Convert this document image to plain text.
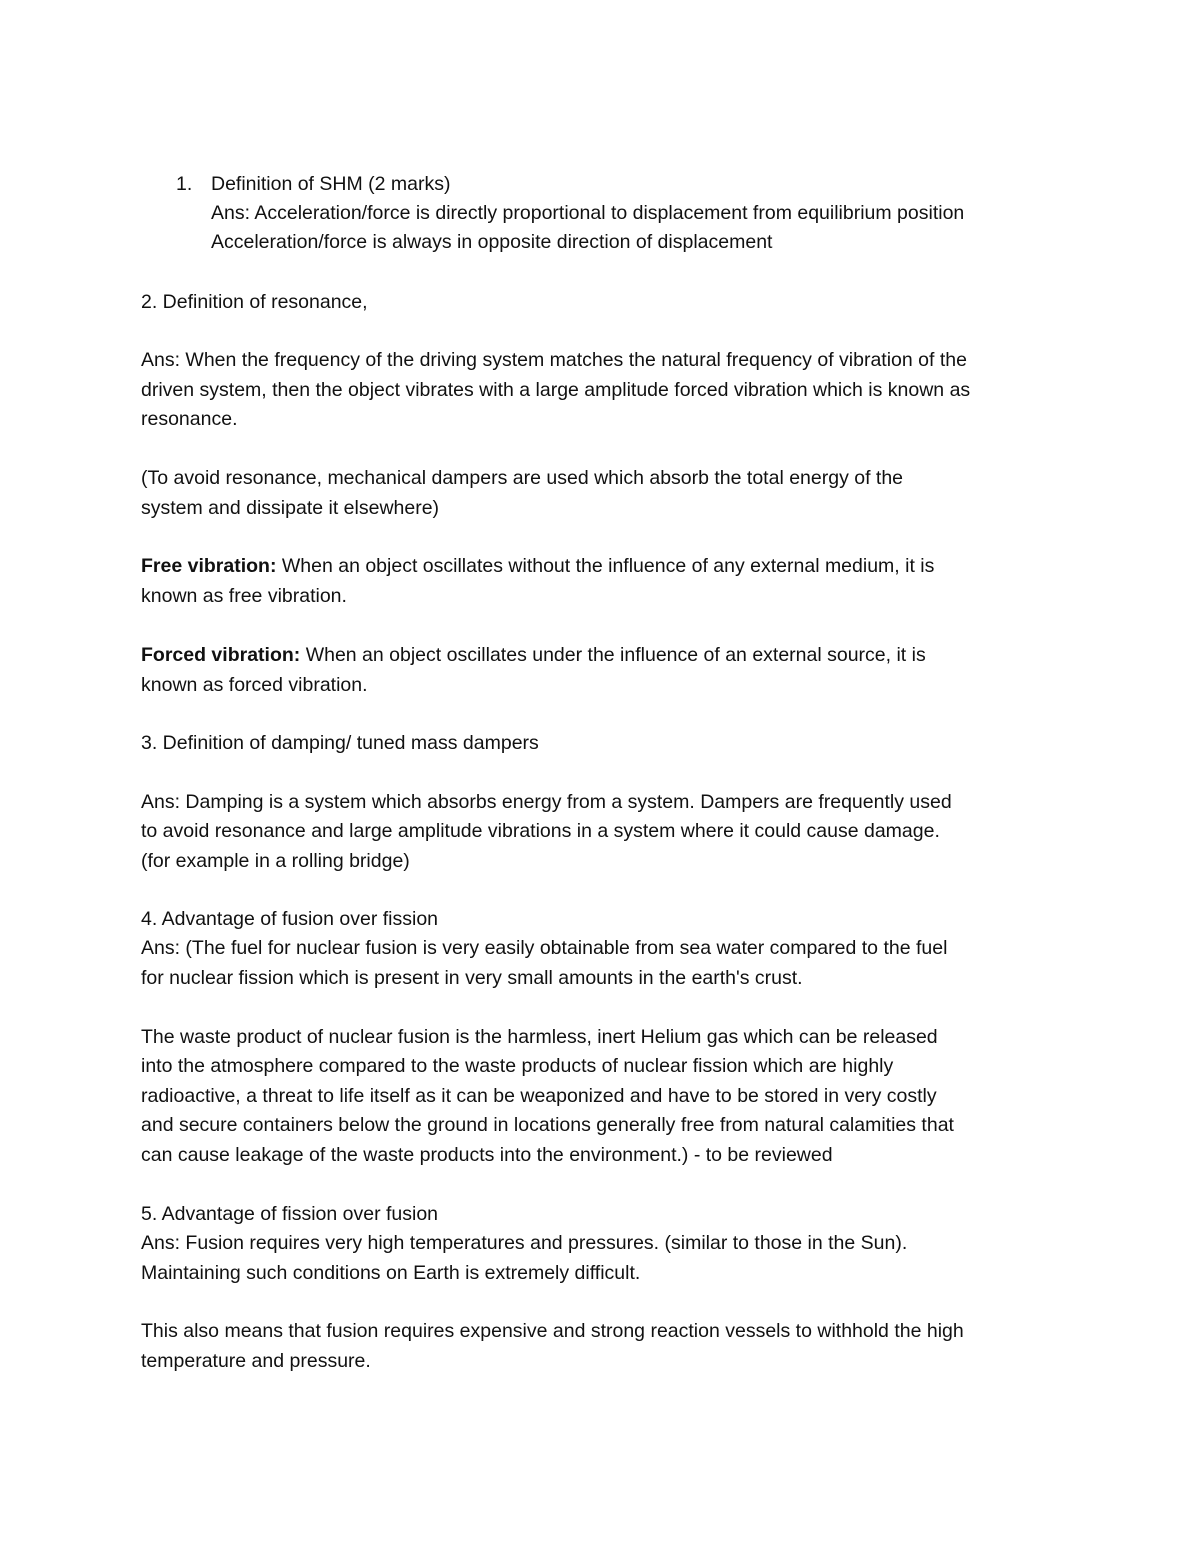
1. Definition of SHM (2 marks)
Ans: Acceleration/force is directly proportional to displacement from equilibrium position
Acceleration/force is always in opposite direction of displacement
2. Definition of resonance,
Ans: When the frequency of the driving system matches the natural frequency of vibration of the
driven system, then the object vibrates with a large amplitude forced vibration which is known as
resonance.
(To avoid resonance, mechanical dampers are used which absorb the total energy of the
system and dissipate it elsewhere)
Free vibration: When an object oscillates without the influence of any external medium, it is
known as free vibration.
Forced vibration: When an object oscillates under the influence of an external source, it is
known as forced vibration.
3. Definition of damping/ tuned mass dampers
Ans: Damping is a system which absorbs energy from a system. Dampers are frequently used
to avoid resonance and large amplitude vibrations in a system where it could cause damage.
(for example in a rolling bridge)
4. Advantage of fusion over fission
Ans: (The fuel for nuclear fusion is very easily obtainable from sea water compared to the fuel
for nuclear fission which is present in very small amounts in the earth's crust.
The waste product of nuclear fusion is the harmless, inert Helium gas which can be released
into the atmosphere compared to the waste products of nuclear fission which are highly
radioactive, a threat to life itself as it can be weaponized and have to be stored in very costly
and secure containers below the ground in locations generally free from natural calamities that
can cause leakage of the waste products into the environment.) - to be reviewed
5. Advantage of fission over fusion
Ans: Fusion requires very high temperatures and pressures. (similar to those in the Sun).
Maintaining such conditions on Earth is extremely difficult.
This also means that fusion requires expensive and strong reaction vessels to withhold the high
temperature and pressure.
